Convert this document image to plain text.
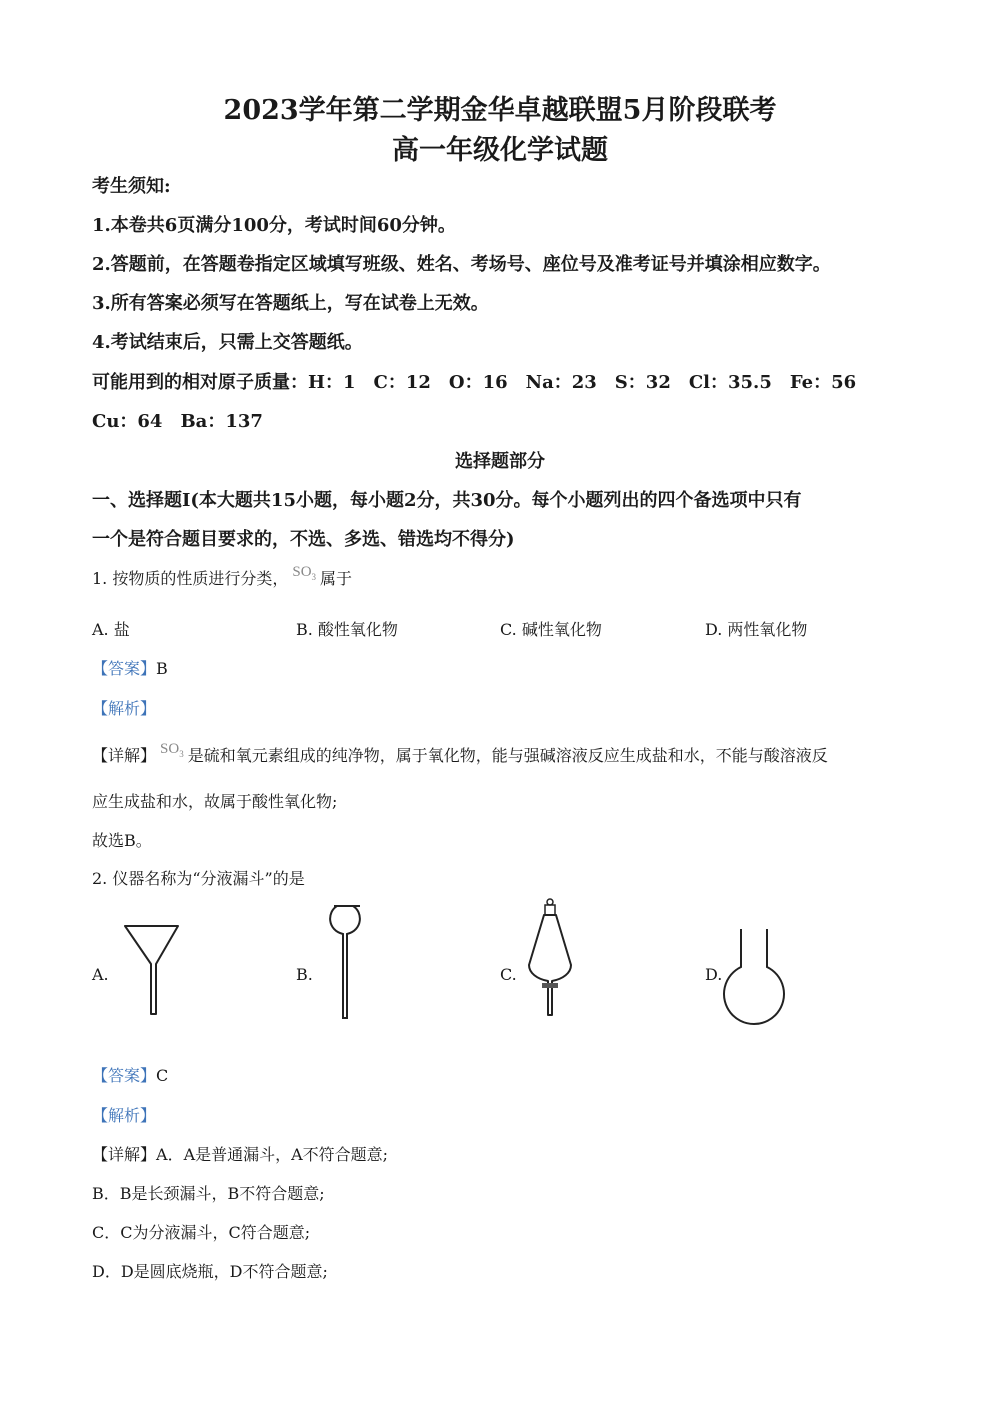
2023学年第二学期金华卓越联盟5月阶段联考
高一年级化学试题
考生须知:
1.本卷共6页满分100分，考试时间60分钟。
2.答题前，在答题卷指定区域填写班级、姓名、考场号、座位号及准考证号并填涂相应数字。
3.所有答案必须写在答题纸上，写在试卷上无效。
4.考试结束后，只需上交答题纸。
可能用到的相对原子质量：H：1　C：12　O：16　Na：23　S：32　Cl：35.5　Fe：56
Cu：64　Ba：137
选择题部分
一、选择题I(本大题共15小题，每小题2分，共30分。每个小题列出的四个备选项中只有
一个是符合题目要求的，不选、多选、错选均不得分)
1. 按物质的性质进行分类， $SO_3$ 属于
A. 盐	B. 酸性氧化物	C. 碱性氧化物	D. 两性氧化物
【答案】B
【解析】
【详解】 $SO_3$ 是硫和氧元素组成的纯净物，属于氧化物，能与强碱溶液反应生成盐和水，不能与酸溶液反
应生成盐和水，故属于酸性氧化物;
故选B。
2. 仪器名称为“分液漏斗”的是
A.	B.	C.	D.
【答案】C
【解析】
【详解】A．A是普通漏斗，A不符合题意;
B．B是长颈漏斗，B不符合题意;
C．C为分液漏斗，C符合题意;
D．D是圆底烧瓶，D不符合题意;
